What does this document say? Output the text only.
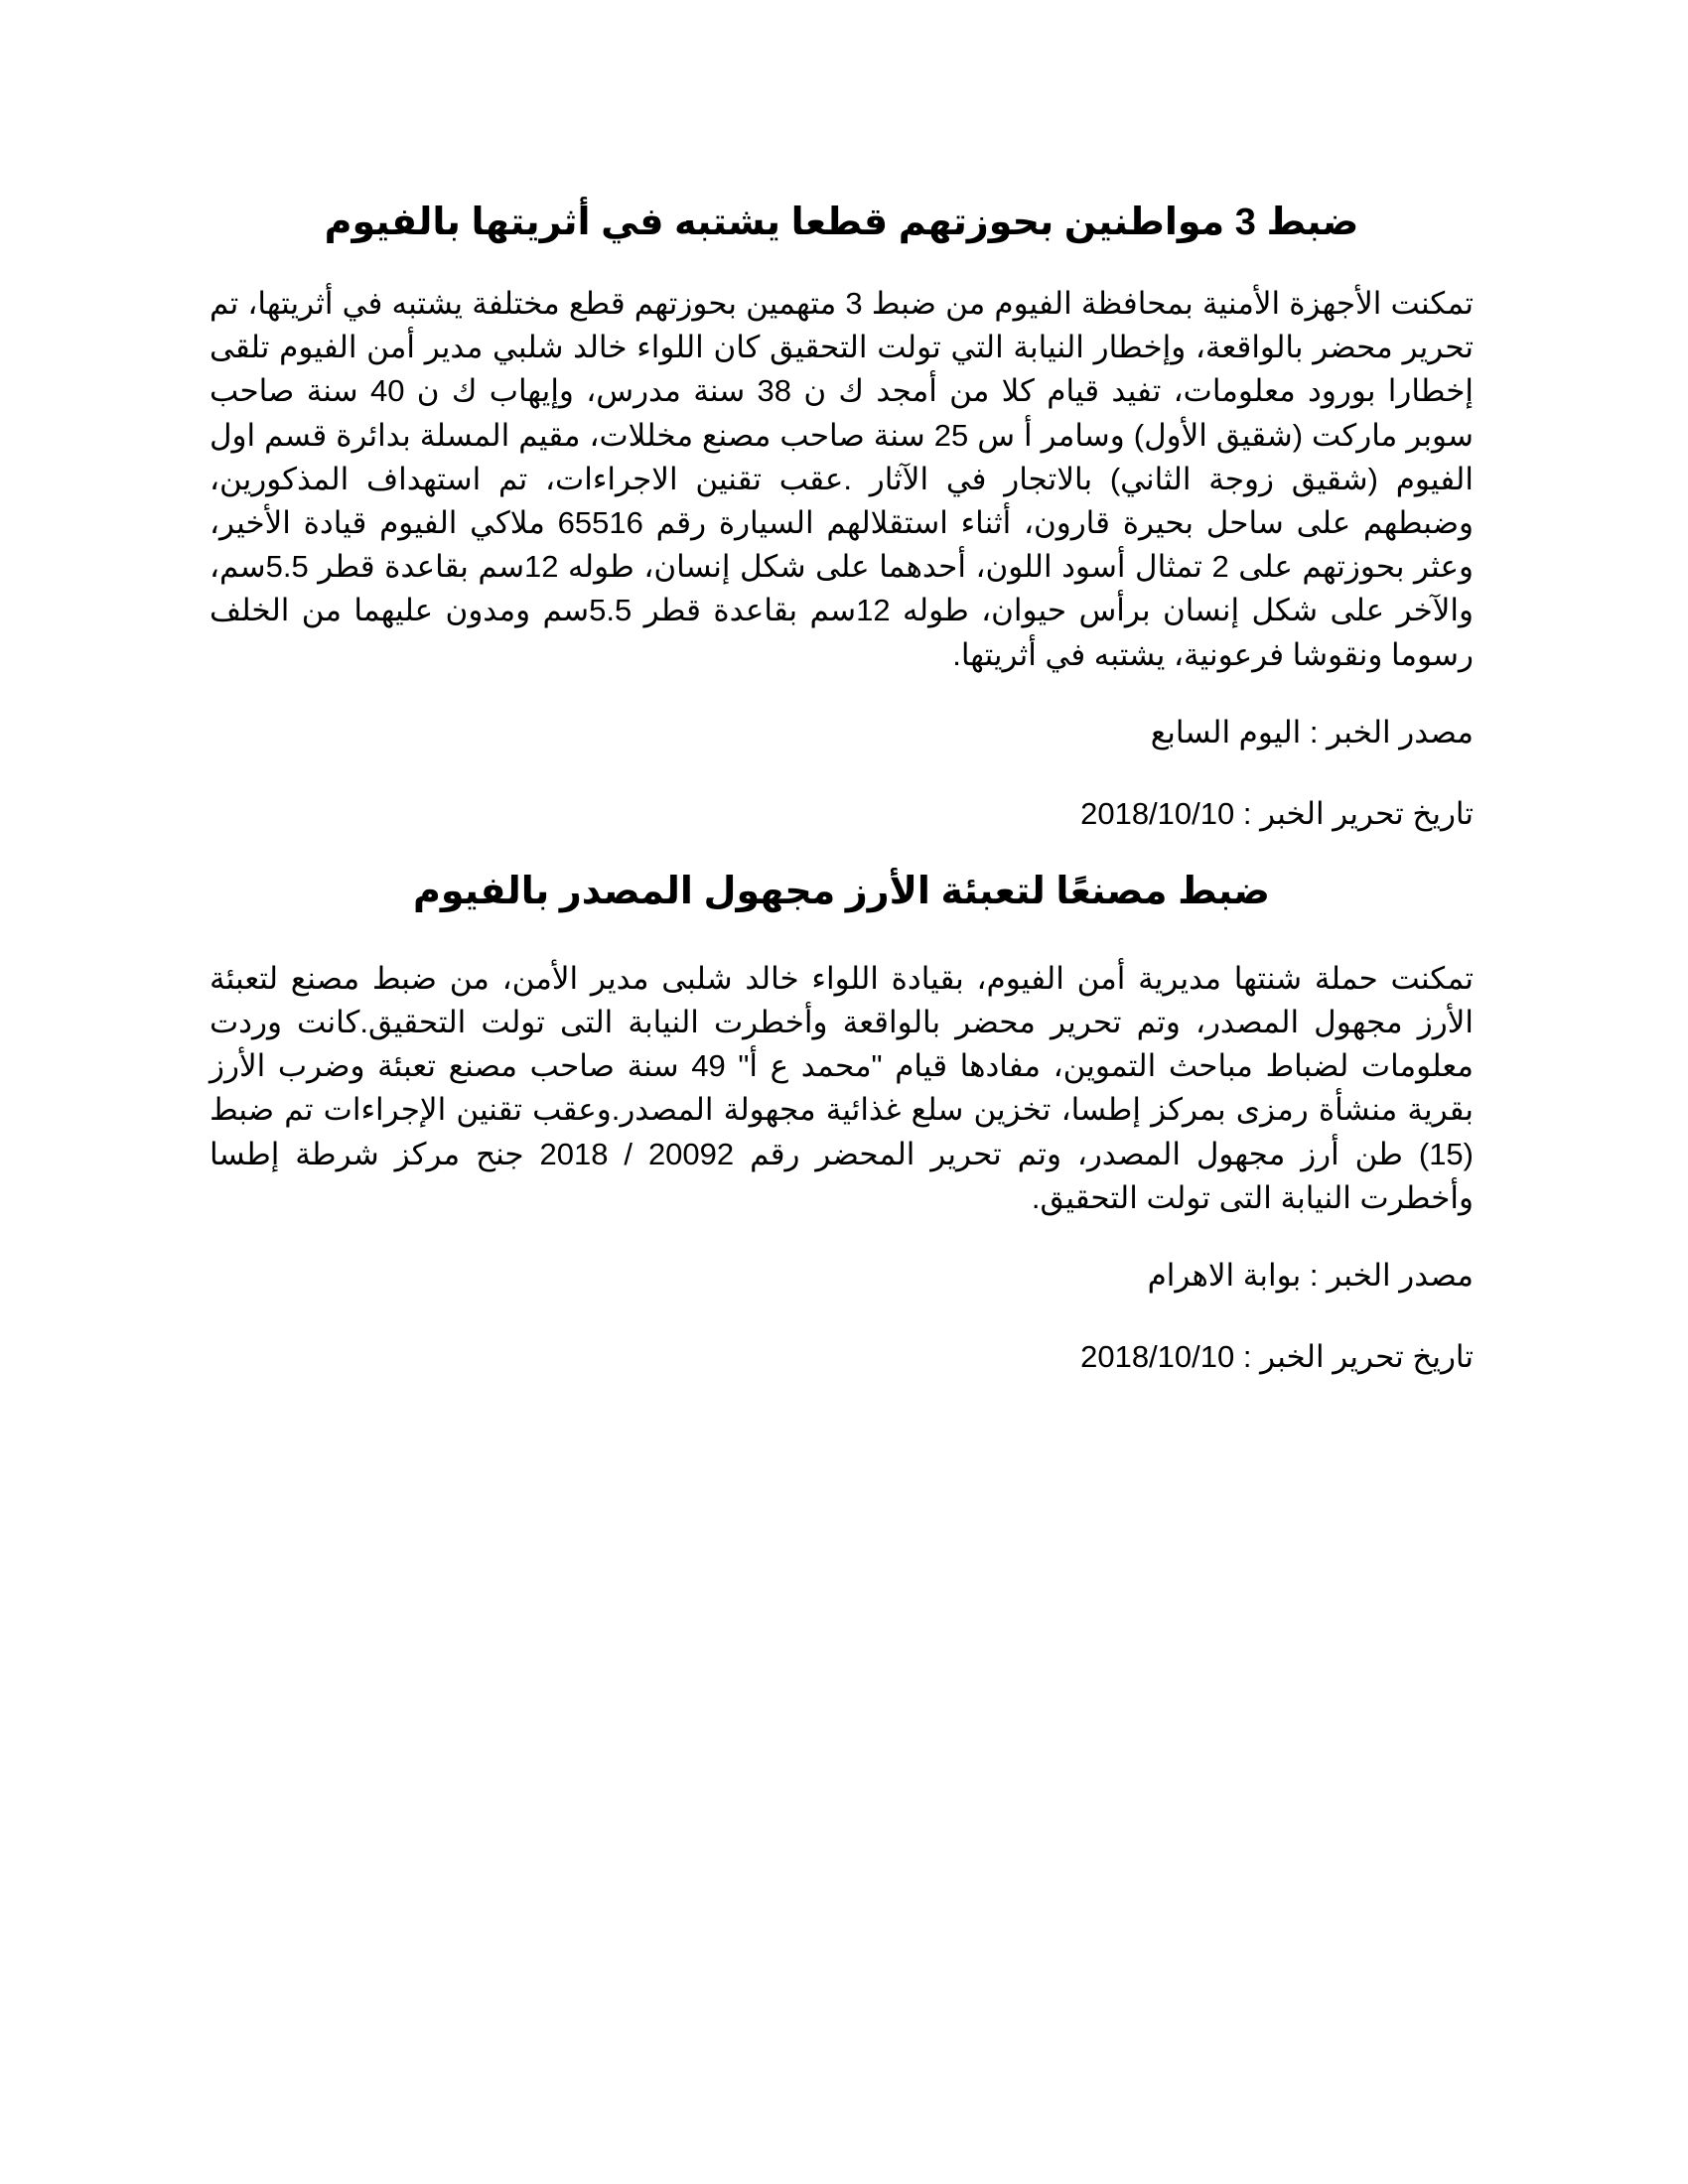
ضبط 3 مواطنين بحوزتهم قطعا يشتبه في أثريتها بالفيوم

تمكنت الأجهزة الأمنية بمحافظة الفيوم من ضبط 3 متهمين بحوزتهم قطع مختلفة يشتبه في أثريتها، تم تحرير محضر بالواقعة، وإخطار النيابة التي تولت التحقيق كان اللواء خالد شلبي مدير أمن الفيوم تلقى إخطارا بورود معلومات، تفيد قيام كلا من أمجد ك ن 38 سنة مدرس، وإيهاب ك ن 40 سنة صاحب سوبر ماركت (شقيق الأول) وسامر أ س 25 سنة صاحب مصنع مخللات، مقيم المسلة بدائرة قسم اول الفيوم (شقيق زوجة الثاني) بالاتجار في الآثار .عقب تقنين الاجراءات، تم استهداف المذكورين، وضبطهم على ساحل بحيرة قارون، أثناء استقلالهم السيارة رقم 65516 ملاكي الفيوم قيادة الأخير، وعثر بحوزتهم على 2 تمثال أسود اللون، أحدهما على شكل إنسان، طوله 12سم بقاعدة قطر 5.5سم، والآخر على شكل إنسان برأس حيوان، طوله 12سم بقاعدة قطر 5.5سم ومدون عليهما من الخلف رسوما ونقوشا فرعونية، يشتبه في أثريتها.

مصدر الخبر : اليوم السابع

تاريخ تحرير الخبر : 2018/10/10

ضبط مصنعًا لتعبئة الأرز مجهول المصدر بالفيوم

تمكنت حملة شنتها مديرية أمن الفيوم، بقيادة اللواء خالد شلبى مدير الأمن، من ضبط مصنع لتعبئة الأرز مجهول المصدر، وتم تحرير محضر بالواقعة وأخطرت النيابة التى تولت التحقيق.كانت وردت معلومات لضباط مباحث التموين، مفادها قيام "محمد ع أ" 49 سنة صاحب مصنع تعبئة وضرب الأرز بقرية منشأة رمزى بمركز إطسا، تخزين سلع غذائية مجهولة المصدر.وعقب تقنين الإجراءات تم ضبط (15) طن أرز مجهول المصدر، وتم تحرير المحضر رقم 20092 / 2018 جنح مركز شرطة إطسا وأخطرت النيابة التى تولت التحقيق.

مصدر الخبر : بوابة الاهرام

تاريخ تحرير الخبر : 2018/10/10
